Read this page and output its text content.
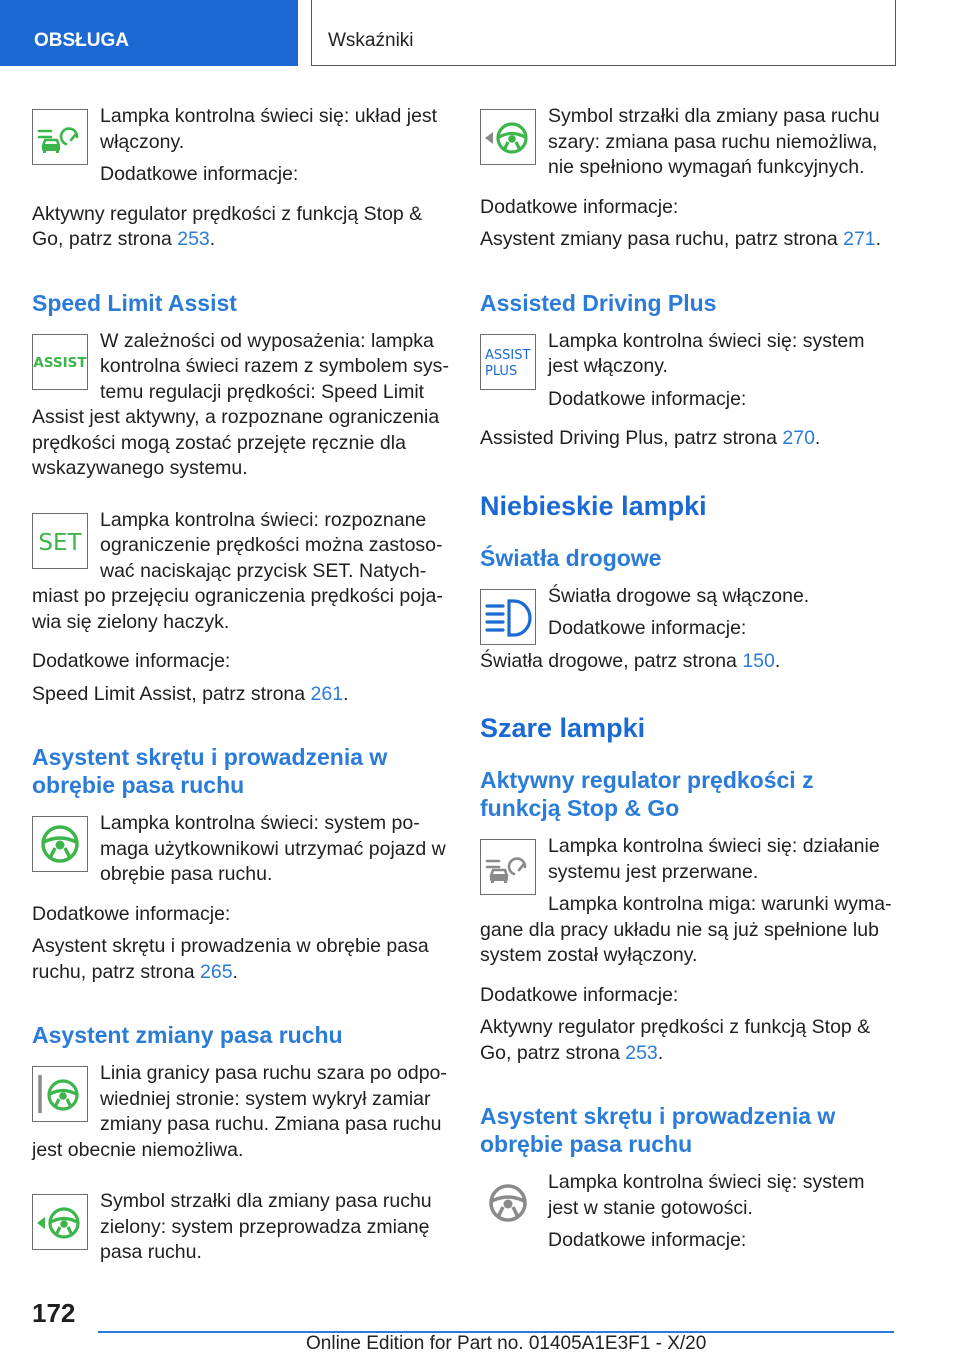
OBSŁUGA	Wskaźniki

Lampka kontrolna świeci się: układ jest włączony.

Dodatkowe informacje:

Aktywny regulator prędkości z funkcją Stop & Go, patrz strona 253.

Speed Limit Assist
ASSIST

W zależności od wyposażenia: lampka kontrolna świeci razem z symbolem systemu regulacji prędkości: Speed Limit Assist jest aktywny, a rozpoznane ograniczenia prędkości mogą zostać przejęte ręcznie dla wskazywanego systemu.

SET

Lampka kontrolna świeci: rozpoznane ograniczenie prędkości można zastosować naciskając przycisk SET. Natychmiast po przejęciu ograniczenia prędkości pojawia się zielony haczyk.

Dodatkowe informacje:

Speed Limit Assist, patrz strona 261.

Asystent skrętu i prowadzenia w obrębie pasa ruchu

Lampka kontrolna świeci: system pomaga użytkownikowi utrzymać pojazd w obrębie pasa ruchu.

Dodatkowe informacje:

Asystent skrętu i prowadzenia w obrębie pasa ruchu, patrz strona 265.

Asystent zmiany pasa ruchu

Linia granicy pasa ruchu szara po odpowiedniej stronie: system wykrył zamiar zmiany pasa ruchu. Zmiana pasa ruchu jest obecnie niemożliwa.

Symbol strzałki dla zmiany pasa ruchu zielony: system przeprowadza zmianę pasa ruchu.

Symbol strzałki dla zmiany pasa ruchu szary: zmiana pasa ruchu niemożliwa, nie spełniono wymagań funkcyjnych.

Dodatkowe informacje:

Asystent zmiany pasa ruchu, patrz strona 271.

Assisted Driving Plus
ASSIST
PLUS

Lampka kontrolna świeci się: system jest włączony.

Dodatkowe informacje:

Assisted Driving Plus, patrz strona 270.

Niebieskie lampki
Światła drogowe

Światła drogowe są włączone.

Dodatkowe informacje:

Światła drogowe, patrz strona 150.

Szare lampki
Aktywny regulator prędkości z funkcją Stop & Go

Lampka kontrolna świeci się: działanie systemu jest przerwane.

Lampka kontrolna miga: warunki wymagane dla pracy układu nie są już spełnione lub system został wyłączony.

Dodatkowe informacje:

Aktywny regulator prędkości z funkcją Stop & Go, patrz strona 253.

Asystent skrętu i prowadzenia w obrębie pasa ruchu

Lampka kontrolna świeci się: system jest w stanie gotowości.

Dodatkowe informacje:

172
Online Edition for Part no. 01405A1E3F1 - X/20
